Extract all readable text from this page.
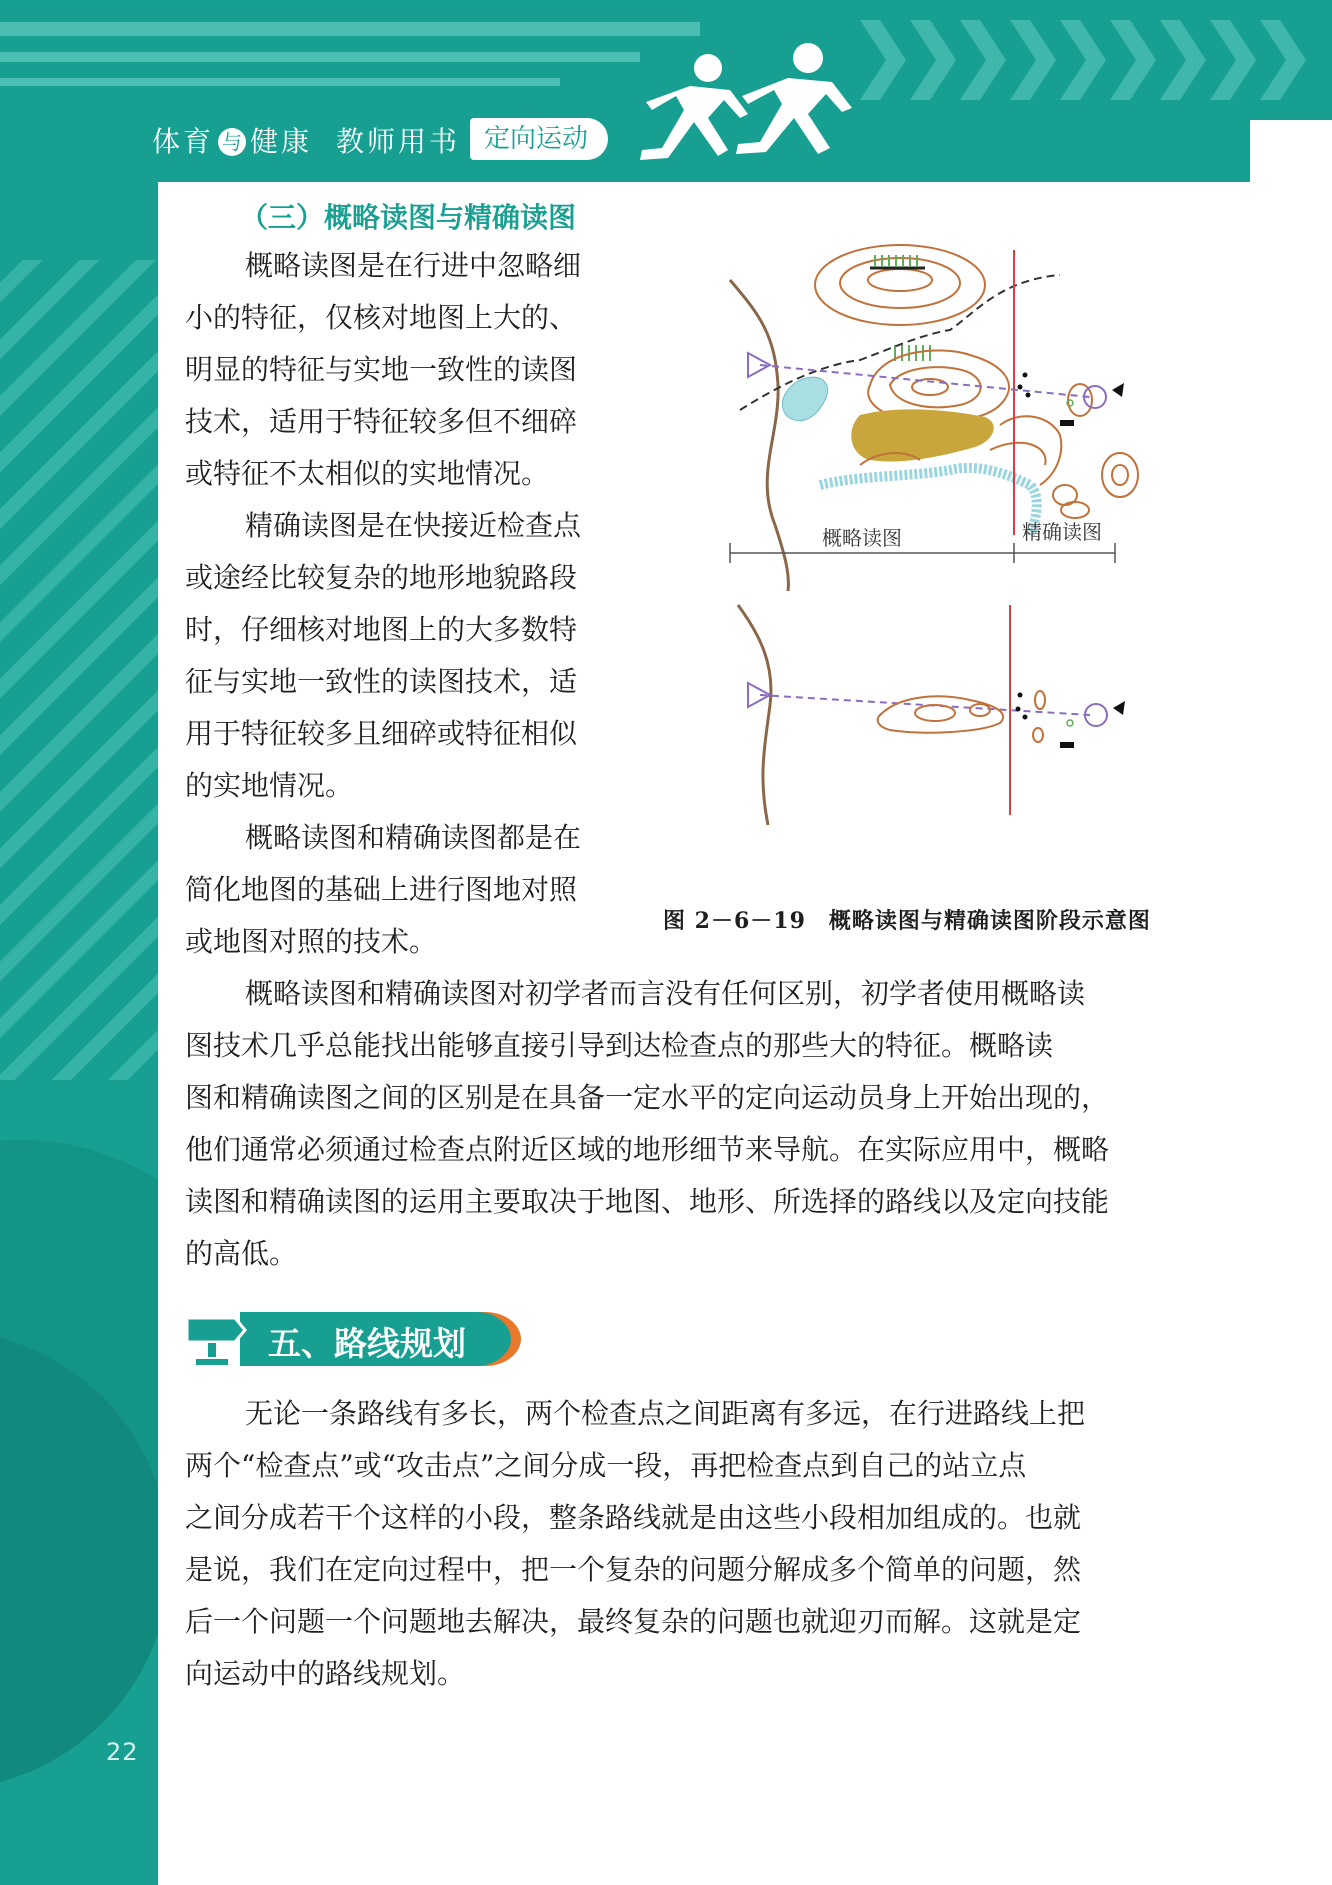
体育 与 健康 教师用书 定向运动
（三）概略读图与精确读图
概略读图是在行进中忽略细
小的特征，仅核对地图上大的、
明显的特征与实地一致性的读图
技术，适用于特征较多但不细碎
或特征不太相似的实地情况。
精确读图是在快接近检查点
或途经比较复杂的地形地貌路段
时，仔细核对地图上的大多数特
征与实地一致性的读图技术，适
用于特征较多且细碎或特征相似
的实地情况。
概略读图和精确读图都是在
简化地图的基础上进行图地对照
或地图对照的技术。
概略读图	精确读图
图 2－6－19　概略读图与精确读图阶段示意图
概略读图和精确读图对初学者而言没有任何区别，初学者使用概略读
图技术几乎总能找出能够直接引导到达检查点的那些大的特征。概略读
图和精确读图之间的区别是在具备一定水平的定向运动员身上开始出现的，
他们通常必须通过检查点附近区域的地形细节来导航。在实际应用中，概略
读图和精确读图的运用主要取决于地图、地形、所选择的路线以及定向技能
的高低。
五、路线规划
无论一条路线有多长，两个检查点之间距离有多远，在行进路线上把
两个“检查点”或“攻击点”之间分成一段，再把检查点到自己的站立点
之间分成若干个这样的小段，整条路线就是由这些小段相加组成的。也就
是说，我们在定向过程中，把一个复杂的问题分解成多个简单的问题，然
后一个问题一个问题地去解决，最终复杂的问题也就迎刃而解。这就是定
向运动中的路线规划。
22
